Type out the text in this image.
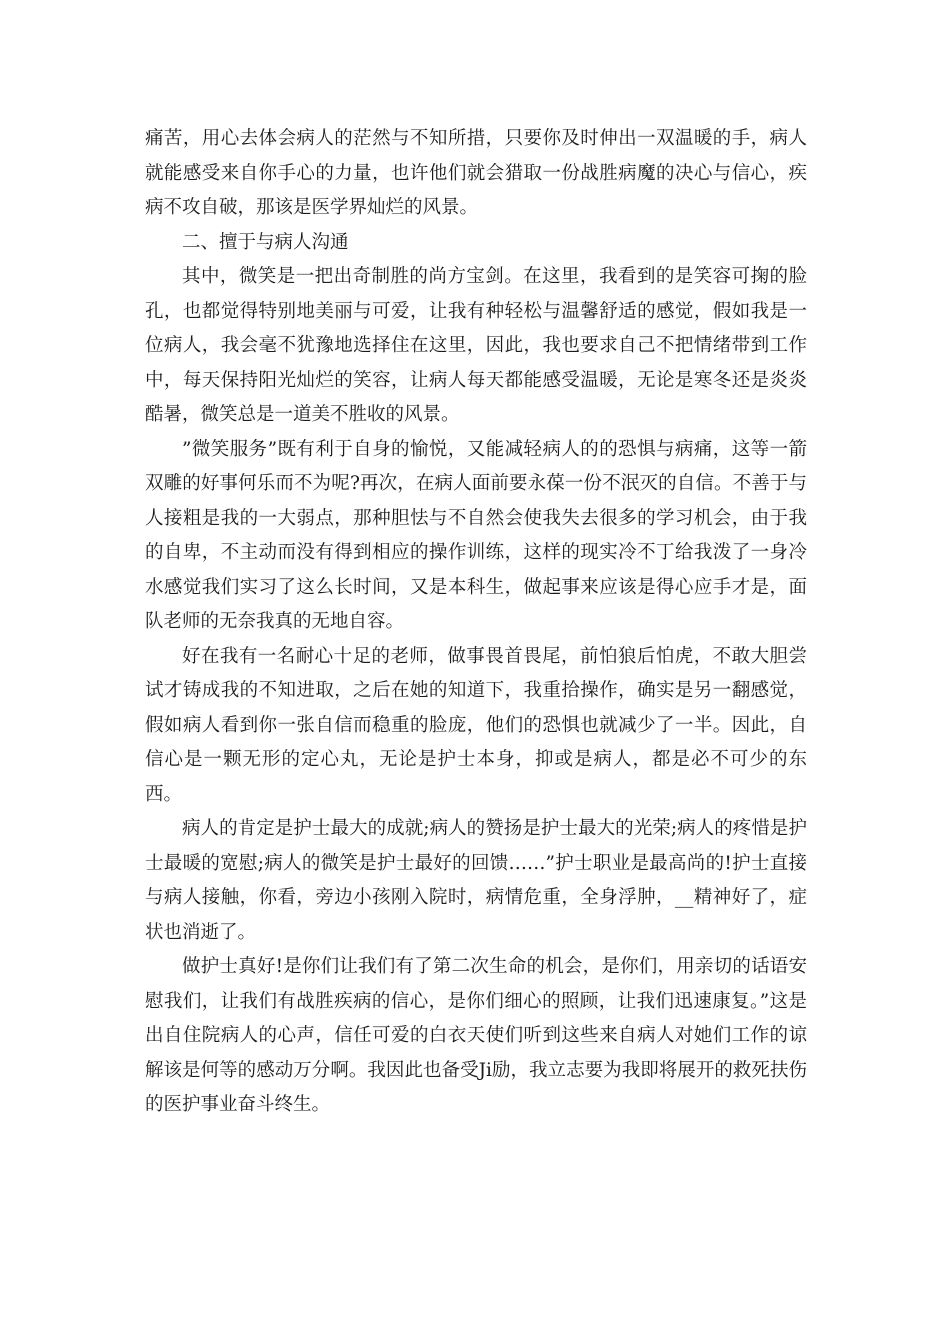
痛苦，用心去体会病人的茫然与不知所措，只要你及时伸出一双温暖的手，病人就能感受来自你手心的力量，也许他们就会猎取一份战胜病魔的决心与信心，疾病不攻自破，那该是医学界灿烂的风景。

二、擅于与病人沟通

其中，微笑是一把出奇制胜的尚方宝剑。在这里，我看到的是笑容可掬的脸孔，也都觉得特别地美丽与可爱，让我有种轻松与温馨舒适的感觉，假如我是一位病人，我会毫不犹豫地选择住在这里，因此，我也要求自己不把情绪带到工作中，每天保持阳光灿烂的笑容，让病人每天都能感受温暖，无论是寒冬还是炎炎酷暑，微笑总是一道美不胜收的风景。

”微笑服务”既有利于自身的愉悦，又能减轻病人的的恐惧与病痛，这等一箭双雕的好事何乐而不为呢?再次，在病人面前要永葆一份不泯灭的自信。不善于与人接粗是我的一大弱点，那种胆怯与不自然会使我失去很多的学习机会，由于我的自卑，不主动而没有得到相应的操作训练，这样的现实冷不丁给我泼了一身冷水感觉我们实习了这么长时间，又是本科生，做起事来应该是得心应手才是，面队老师的无奈我真的无地自容。

好在我有一名耐心十足的老师，做事畏首畏尾，前怕狼后怕虎，不敢大胆尝试才铸成我的不知进取，之后在她的知道下，我重拾操作，确实是另一翻感觉，假如病人看到你一张自信而稳重的脸庞，他们的恐惧也就减少了一半。因此，自信心是一颗无形的定心丸，无论是护士本身，抑或是病人，都是必不可少的东西。

病人的肯定是护士最大的成就;病人的赞扬是护士最大的光荣;病人的疼惜是护士最暖的宽慰;病人的微笑是护士最好的回馈……”护士职业是最高尚的!护士直接与病人接触，你看，旁边小孩刚入院时，病情危重，全身浮肿，__精神好了，症状也消逝了。

做护士真好!是你们让我们有了第二次生命的机会，是你们，用亲切的话语安慰我们，让我们有战胜疾病的信心，是你们细心的照顾，让我们迅速康复。”这是出自住院病人的心声，信任可爱的白衣天使们听到这些来自病人对她们工作的谅解该是何等的感动万分啊。我因此也备受Ji励，我立志要为我即将展开的救死扶伤的医护事业奋斗终生。
